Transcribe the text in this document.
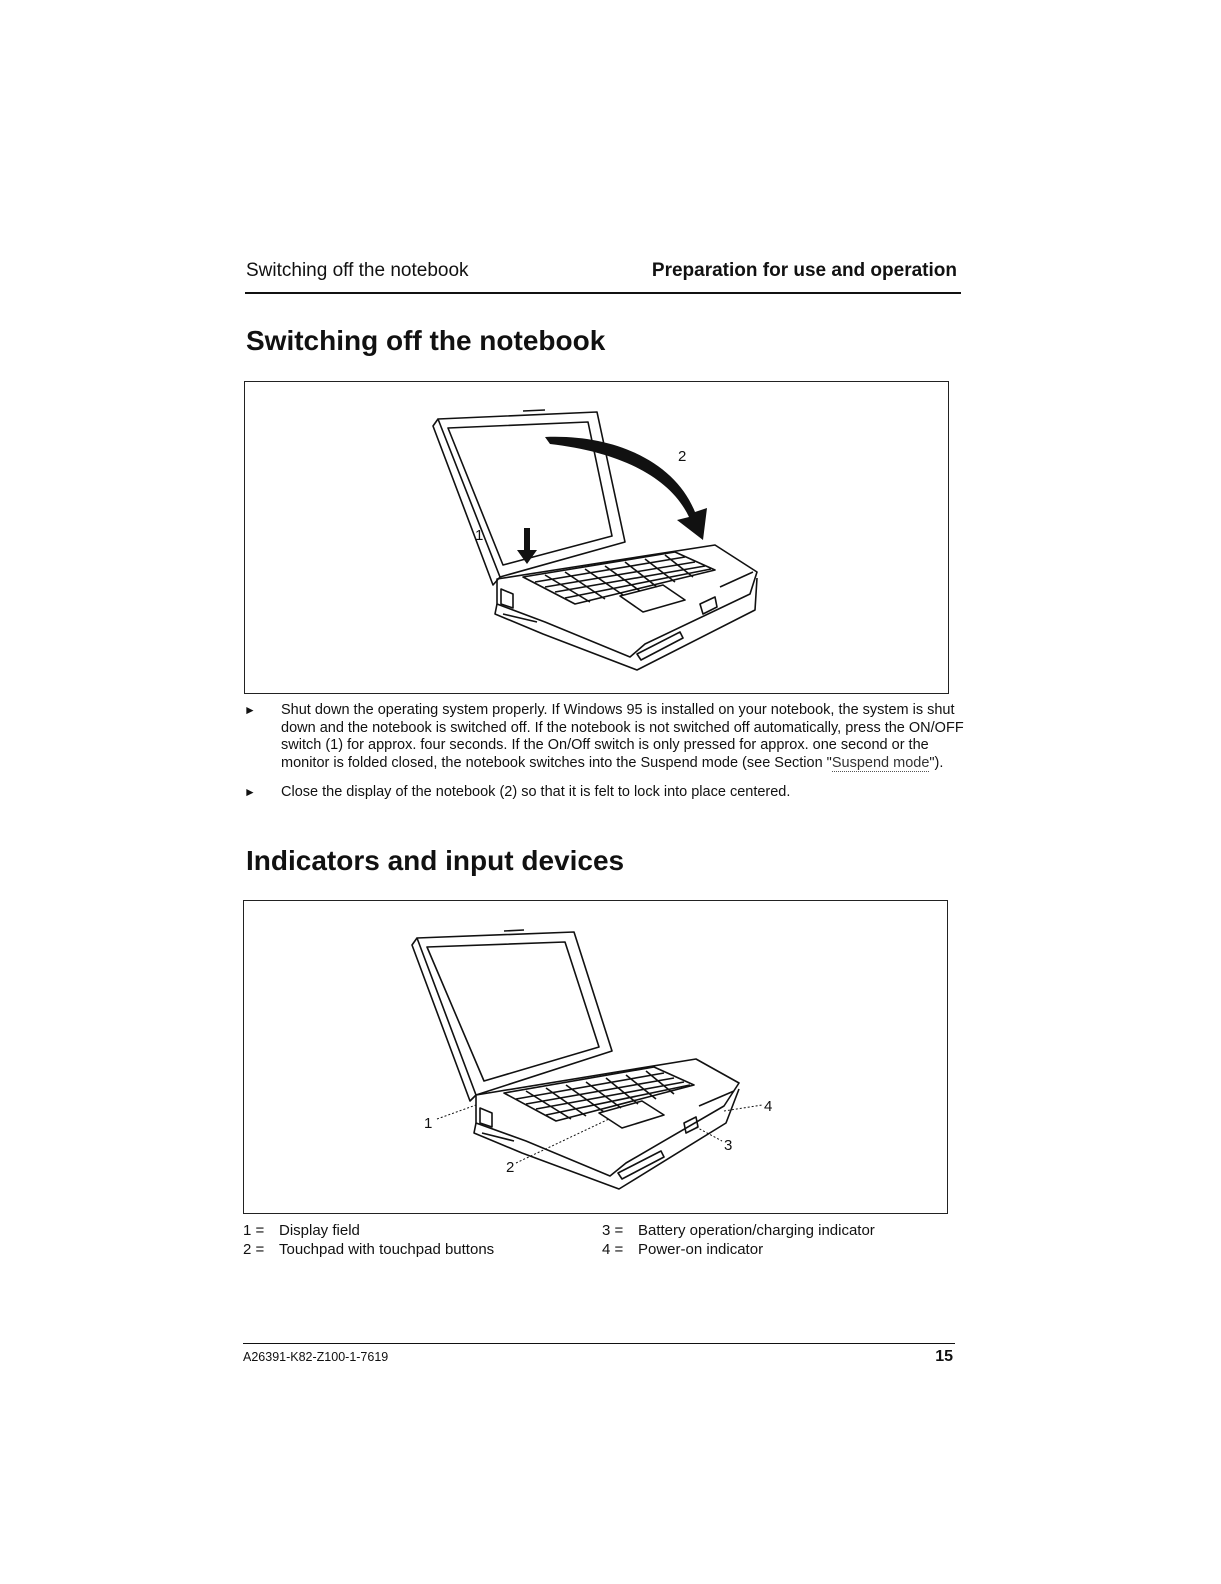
Switching off the notebook	Preparation for use and operation
Switching off the notebook
1
2
► Shut down the operating system properly. If Windows 95 is installed on your notebook, the system is shut down and the notebook is switched off. If the notebook is not switched off automatically, press the ON/OFF switch (1) for approx. four seconds. If the On/Off switch is only pressed for approx. one second or the monitor is folded closed, the notebook switches into the Suspend mode (see Section "Suspend mode").
► Close the display of the notebook (2) so that it is felt to lock into place centered.
Indicators and input devices
1
2
3
4
1 = Display field
2 = Touchpad with touchpad buttons
3 = Battery operation/charging indicator
4 = Power-on indicator
A26391-K82-Z100-1-7619	15
